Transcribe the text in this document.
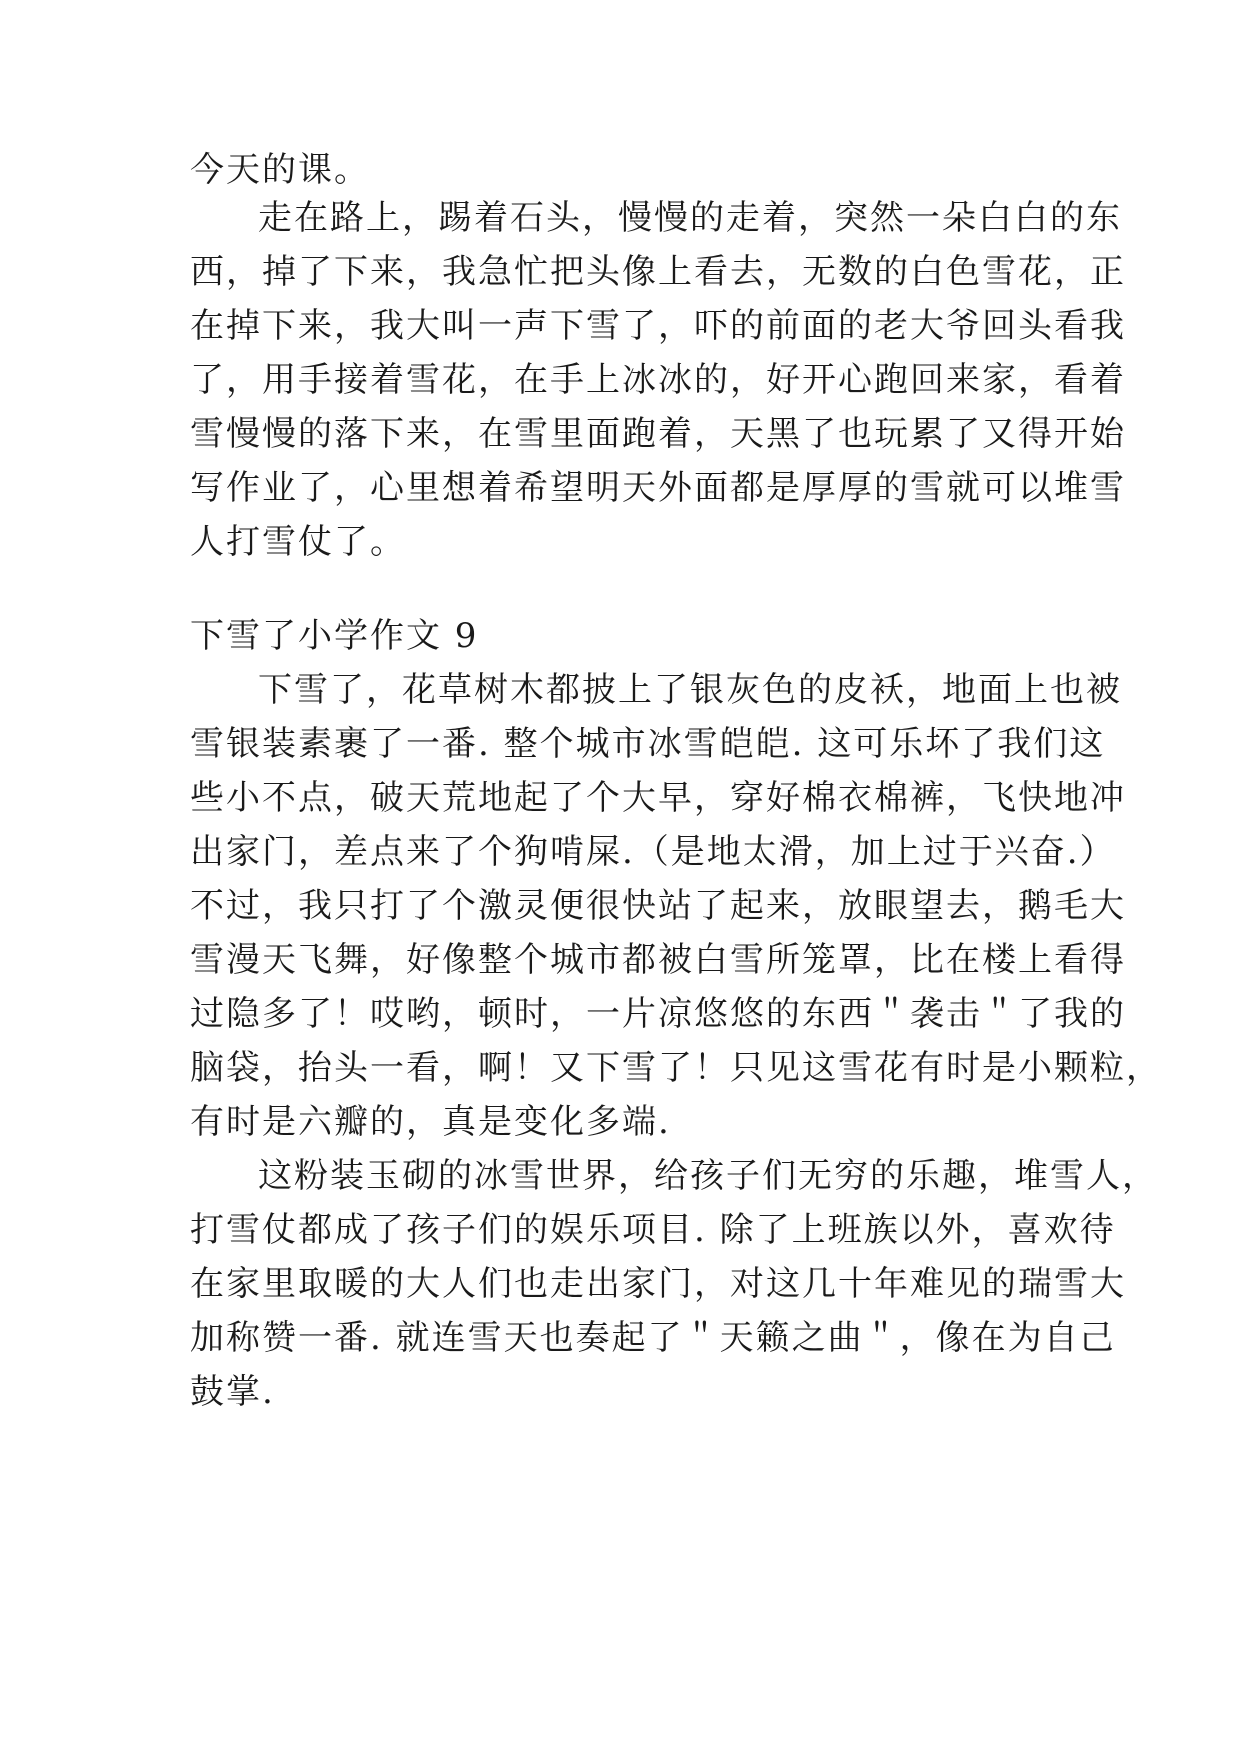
今天的课。
走在路上，踢着石头，慢慢的走着，突然一朵白白的东
西，掉了下来，我急忙把头像上看去，无数的白色雪花，正
在掉下来，我大叫一声下雪了，吓的前面的老大爷回头看我
了，用手接着雪花，在手上冰冰的，好开心跑回来家，看着
雪慢慢的落下来，在雪里面跑着，天黑了也玩累了又得开始
写作业了，心里想着希望明天外面都是厚厚的雪就可以堆雪
人打雪仗了。
下雪了小学作文 9
下雪了，花草树木都披上了银灰色的皮袄，地面上也被
雪银装素裹了一番. 整个城市冰雪皑皑. 这可乐坏了我们这
些小不点，破天荒地起了个大早，穿好棉衣棉裤，飞快地冲
出家门，差点来了个狗啃屎.（是地太滑，加上过于兴奋.）
不过，我只打了个激灵便很快站了起来，放眼望去，鹅毛大
雪漫天飞舞，好像整个城市都被白雪所笼罩，比在楼上看得
过隐多了！哎哟，顿时，一片凉悠悠的东西＂袭击＂了我的
脑袋，抬头一看，啊！又下雪了！只见这雪花有时是小颗粒，
有时是六瓣的，真是变化多端.
这粉装玉砌的冰雪世界，给孩子们无穷的乐趣，堆雪人，
打雪仗都成了孩子们的娱乐项目. 除了上班族以外，喜欢待
在家里取暖的大人们也走出家门，对这几十年难见的瑞雪大
加称赞一番. 就连雪天也奏起了＂天籁之曲＂，像在为自己
鼓掌.
